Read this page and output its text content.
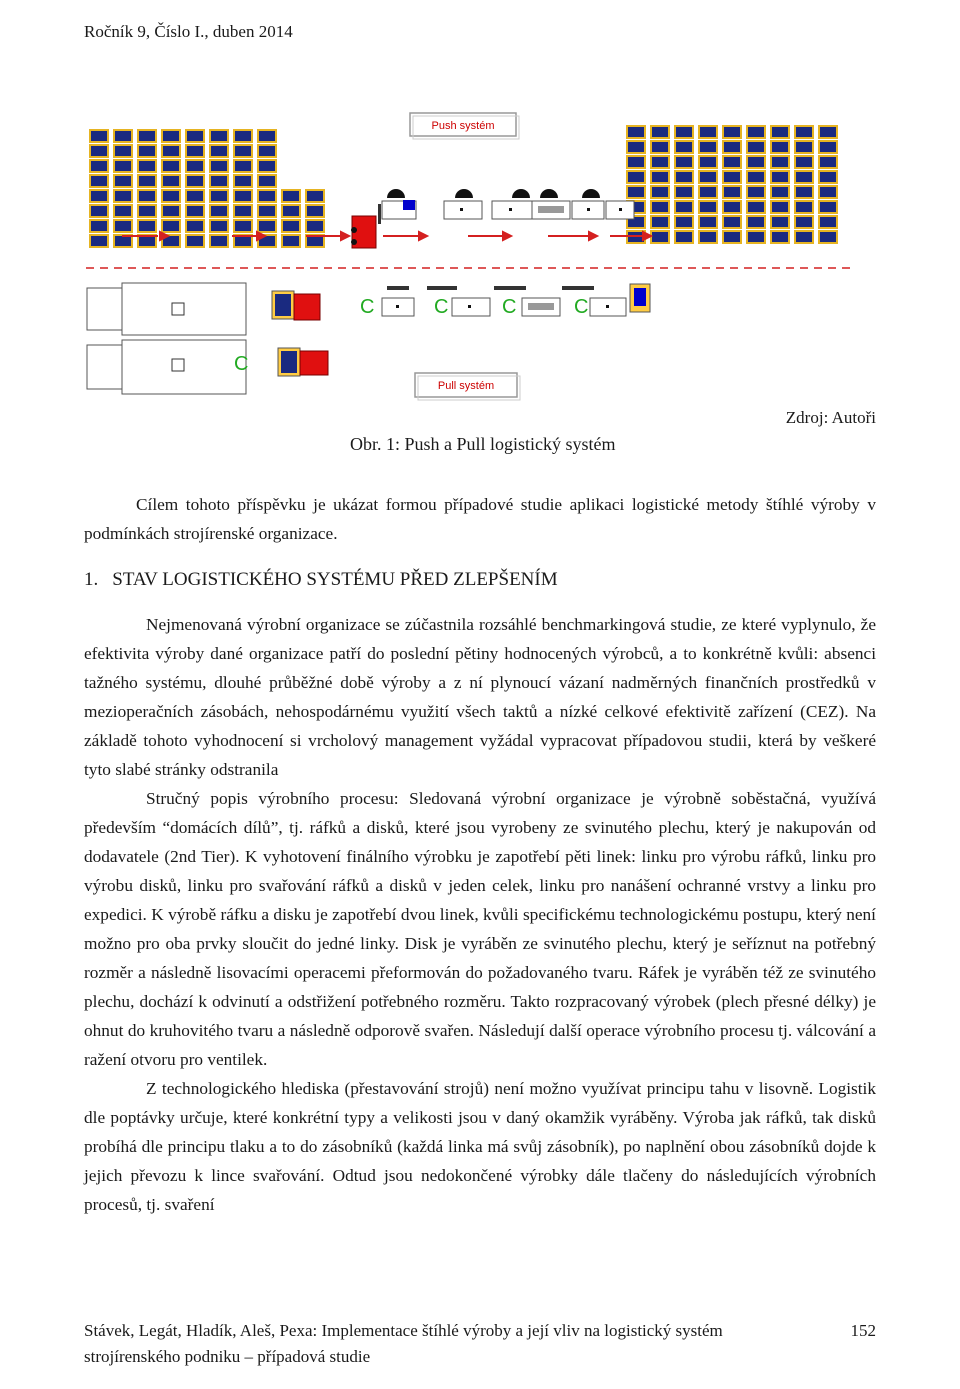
Ročník 9, Číslo I., duben 2014
Push systém
C
C	C	C	C
Pull systém
Zdroj: Autoři
Obr. 1: Push a Pull logistický systém
Cílem tohoto příspěvku je ukázat formou případové studie aplikaci logistické metody štíhlé výroby v podmínkách strojírenské organizace.
1. STAV LOGISTICKÉHO SYSTÉMU PŘED ZLEPŠENÍM

Nejmenovaná výrobní organizace se zúčastnila rozsáhlé benchmarkingová studie, ze které vyplynulo, že efektivita výroby dané organizace patří do poslední pětiny hodnocených výrobců, a to konkrétně kvůli: absenci tažného systému, dlouhé průběžné době výroby a z ní plynoucí vázaní nadměrných finančních prostředků v mezioperačních zásobách, nehospodárnému využití všech taktů a nízké celkové efektivitě zařízení (CEZ). Na základě tohoto vyhodnocení si vrcholový management vyžádal vypracovat případovou studii, která by veškeré tyto slabé stránky odstranila

Stručný popis výrobního procesu: Sledovaná výrobní organizace je výrobně soběstačná, využívá především “domácích dílů”, tj. ráfků a disků, které jsou vyrobeny ze svinutého plechu, který je nakupován od dodavatele (2nd Tier). K vyhotovení finálního výrobku je zapotřebí pěti linek: linku pro výrobu ráfků, linku pro výrobu disků, linku pro svařování ráfků a disků v jeden celek, linku pro nanášení ochranné vrstvy a linku pro expedici. K výrobě ráfku a disku je zapotřebí dvou linek, kvůli specifickému technologickému postupu, který není možno pro oba prvky sloučit do jedné linky. Disk je vyráběn ze svinutého plechu, který je seříznut na potřebný rozměr a následně lisovacími operacemi přeformován do požadovaného tvaru. Ráfek je vyráběn též ze svinutého plechu, dochází k odvinutí a odstřižení potřebného rozměru. Takto rozpracovaný výrobek (plech přesné délky) je ohnut do kruhovitého tvaru a následně odporově svařen. Následují další operace výrobního procesu tj. válcování a ražení otvoru pro ventilek.

Z technologického hlediska (přestavování strojů) není možno využívat principu tahu v lisovně. Logistik dle poptávky určuje, které konkrétní typy a velikosti jsou v daný okamžik vyráběny. Výroba jak ráfků, tak disků probíhá dle principu tlaku a to do zásobníků (každá linka má svůj zásobník), po naplnění obou zásobníků dojde k jejich převozu k lince svařování. Odtud jsou nedokončené výrobky dále tlačeny do následujících výrobních procesů, tj. svaření

Stávek, Legát, Hladík, Aleš, Pexa: Implementace štíhlé výroby a její vliv na logistický systém strojírenského podniku – případová studie
152
